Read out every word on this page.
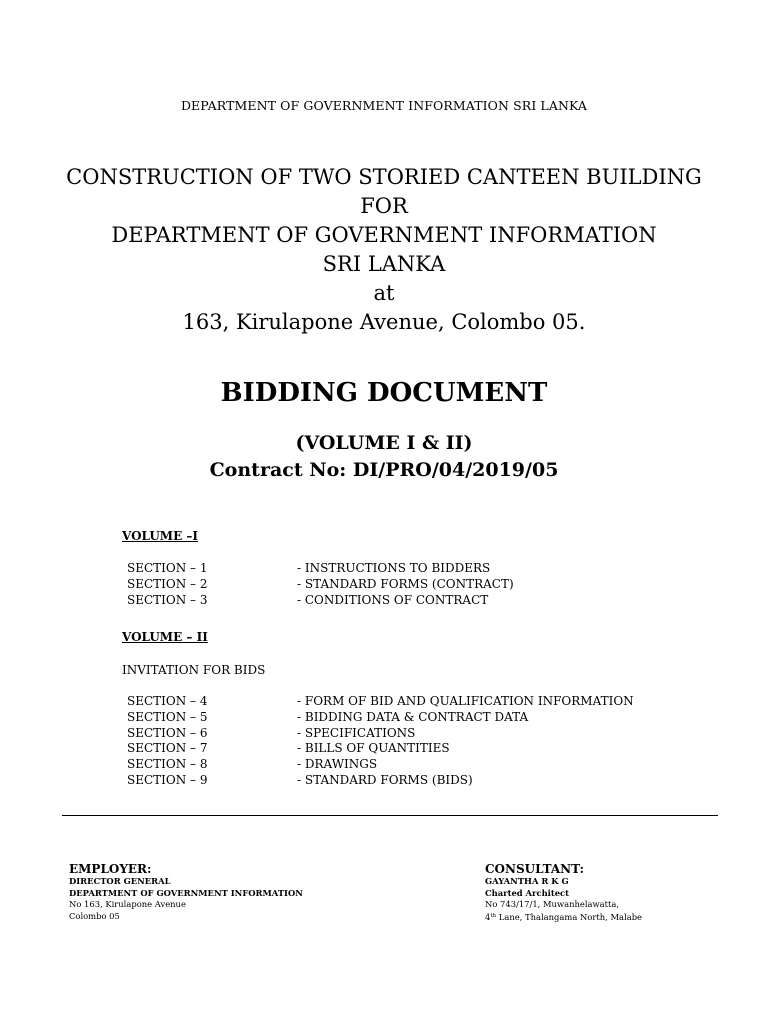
DEPARTMENT OF GOVERNMENT INFORMATION SRI LANKA
CONSTRUCTION OF TWO STORIED CANTEEN BUILDING
FOR
DEPARTMENT OF GOVERNMENT INFORMATION
SRI LANKA
at
163, Kirulapone Avenue, Colombo 05.
BIDDING DOCUMENT
(VOLUME I & II)
Contract No: DI/PRO/04/2019/05
VOLUME –I
SECTION – 1	- INSTRUCTIONS TO BIDDERS
SECTION – 2	- STANDARD FORMS (CONTRACT)
SECTION – 3	- CONDITIONS OF CONTRACT
VOLUME – II
INVITATION FOR BIDS
SECTION – 4	- FORM OF BID AND QUALIFICATION INFORMATION
SECTION – 5	- BIDDING DATA & CONTRACT DATA
SECTION – 6	- SPECIFICATIONS
SECTION – 7	- BILLS OF QUANTITIES
SECTION – 8	- DRAWINGS
SECTION – 9	- STANDARD FORMS (BIDS)
EMPLOYER:
DIRECTOR GENERAL
DEPARTMENT OF GOVERNMENT INFORMATION
No 163, Kirulapone Avenue
Colombo 05
CONSULTANT:
GAYANTHA R K G
Charted Architect
No 743/17/1, Muwanhelawatta,
4th Lane, Thalangama North, Malabe
